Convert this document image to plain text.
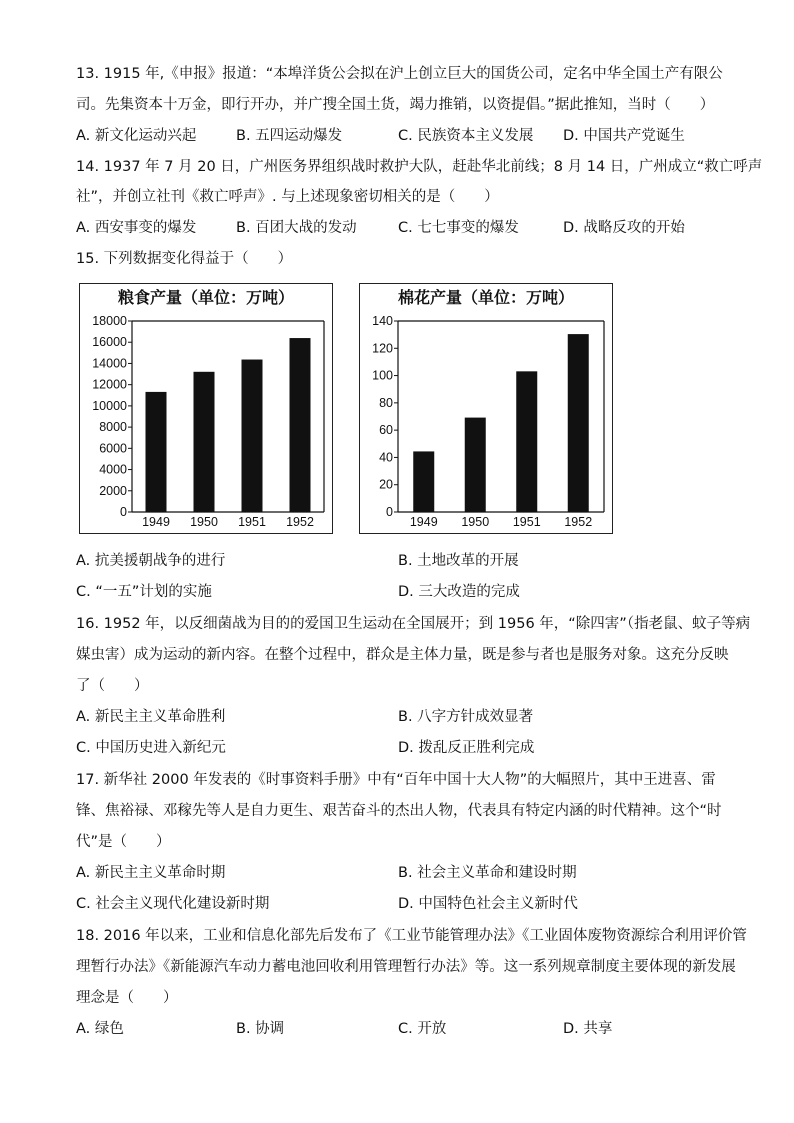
13. 1915 年,《申报》报道：“本埠洋货公会拟在沪上创立巨大的国货公司，定名中华全国土产有限公
司。先集资本十万金，即行开办，并广搜全国土货，竭力推销，以资提倡。”据此推知，当时（　　）
A. 新文化运动兴起	B. 五四运动爆发	C. 民族资本主义发展 D. 中国共产党诞生
14. 1937 年 7 月 20 日，广州医务界组织战时救护大队，赶赴华北前线；8 月 14 日，广州成立“救亡呼声
社”，并创立社刊《救亡呼声》. 与上述现象密切相关的是（　　）
A. 西安事变的爆发	B. 百团大战的发动	C. 七七事变的爆发	D. 战略反攻的开始
15. 下列数据变化得益于（　　）
粮食产量（单位：万吨）
0
2000
4000
6000
8000
10000
12000
14000
16000
18000
1949 1950 1951 1952
棉花产量（单位：万吨）
0
20
40
60
80
100
120
140
1949 1950 1951 1952
A. 抗美援朝战争的进行	B. 土地改革的开展
C. “一五”计划的实施	D. 三大改造的完成
16. 1952 年，以反细菌战为目的的爱国卫生运动在全国展开；到 1956 年，“除四害”（指老鼠、蚊子等病
媒虫害）成为运动的新内容。在整个过程中，群众是主体力量，既是参与者也是服务对象。这充分反映
了（　　）
A. 新民主主义革命胜利	B. 八字方针成效显著
C. 中国历史进入新纪元	D. 拨乱反正胜利完成
17. 新华社 2000 年发表的《时事资料手册》中有“百年中国十大人物”的大幅照片，其中王进喜、雷
锋、焦裕禄、邓稼先等人是自力更生、艰苦奋斗的杰出人物，代表具有特定内涵的时代精神。这个“时
代”是（　　）
A. 新民主主义革命时期	B. 社会主义革命和建设时期
C. 社会主义现代化建设新时期	D. 中国特色社会主义新时代
18. 2016 年以来，工业和信息化部先后发布了《工业节能管理办法》《工业固体废物资源综合利用评价管
理暂行办法》《新能源汽车动力蓄电池回收利用管理暂行办法》等。这一系列规章制度主要体现的新发展
理念是（　　）
A. 绿色	B. 协调	C. 开放	D. 共享
